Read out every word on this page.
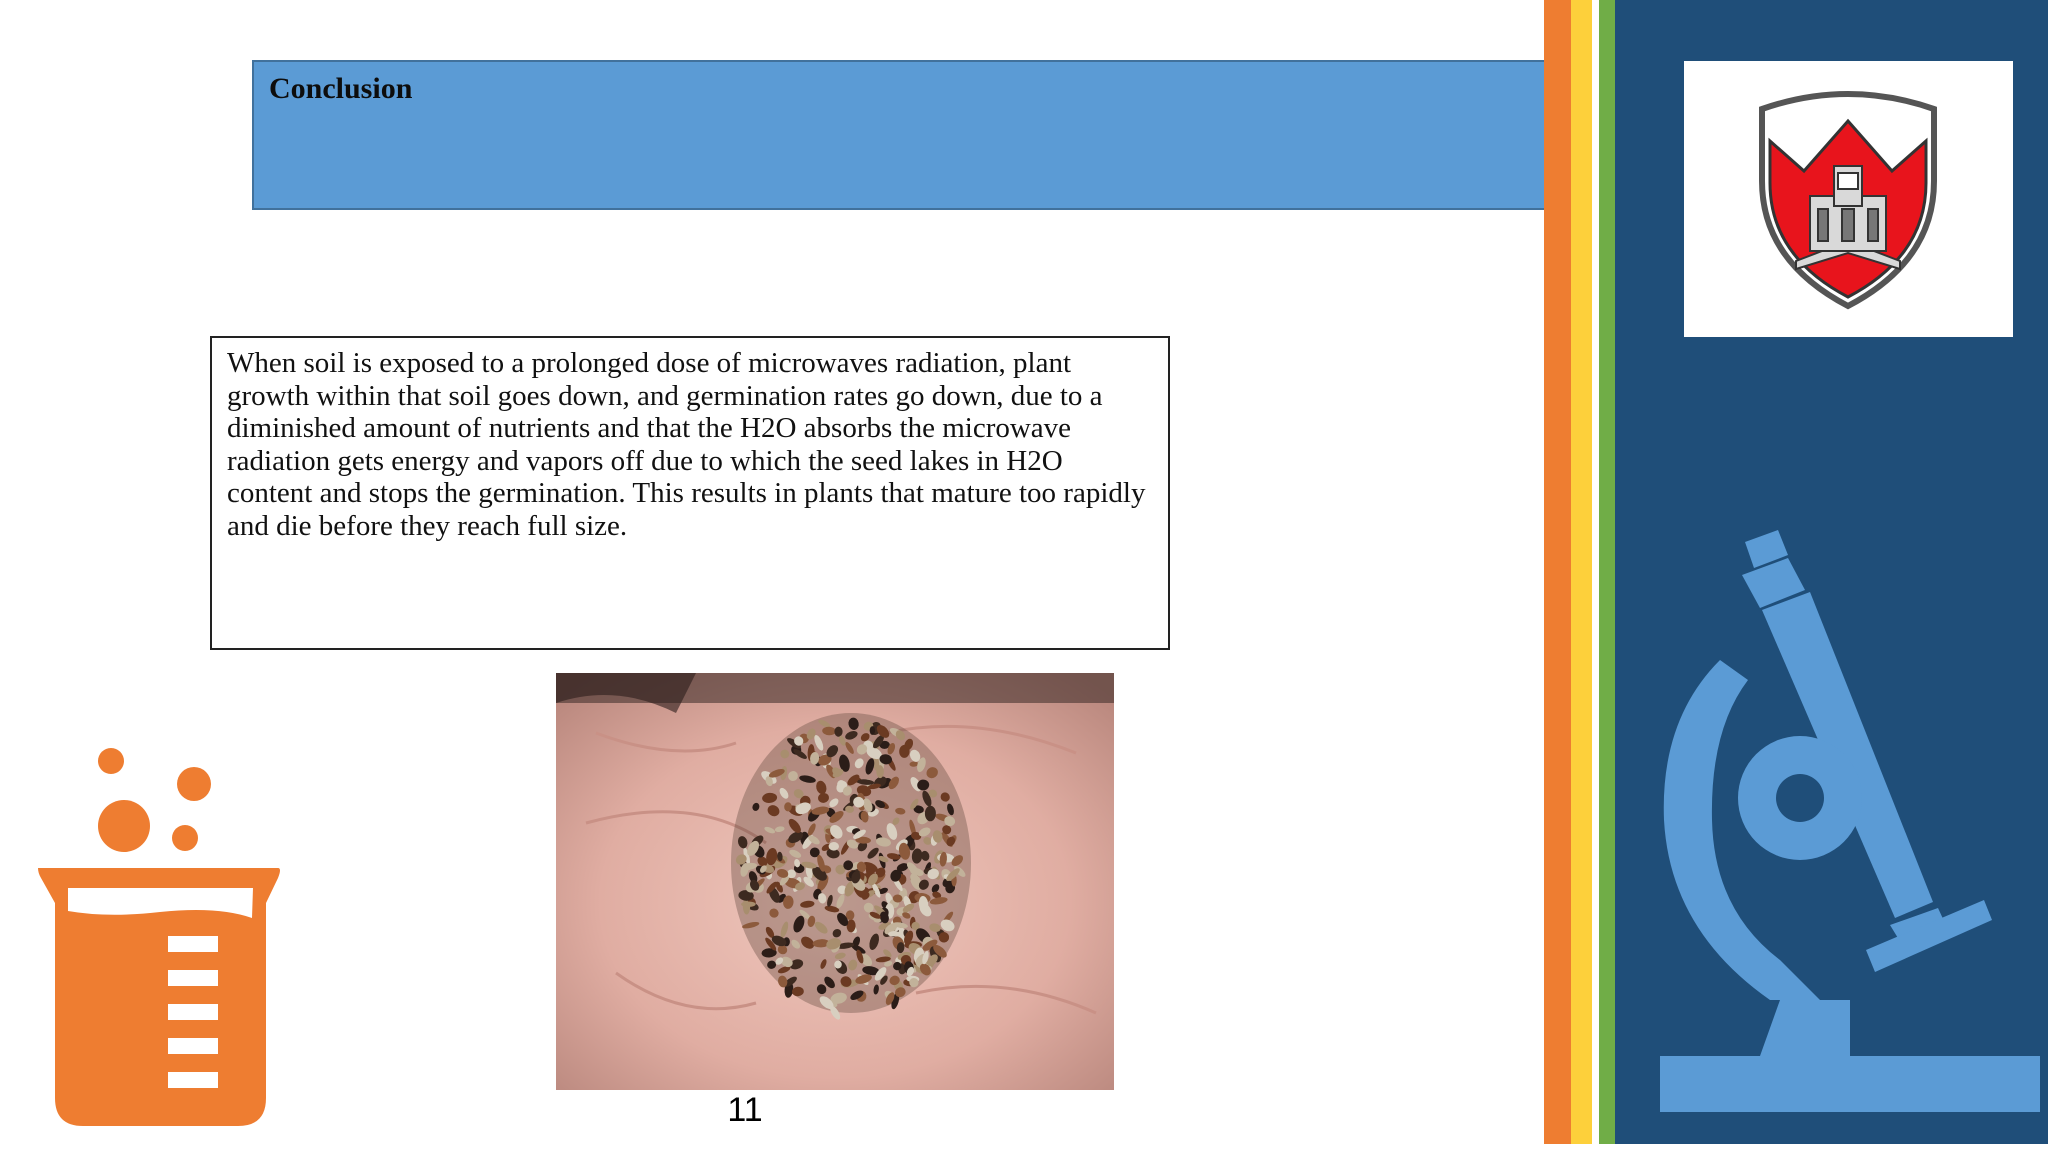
Conclusion

When soil is exposed to a prolonged dose of microwaves radiation, plant growth within that soil goes down, and germination rates go down, due to a diminished amount of nutrients and that the H2O absorbs the microwave radiation gets energy and vapors off due to which the seed lakes in H2O content and stops the germination. This results in plants that mature too rapidly and die before they reach full size.

11
